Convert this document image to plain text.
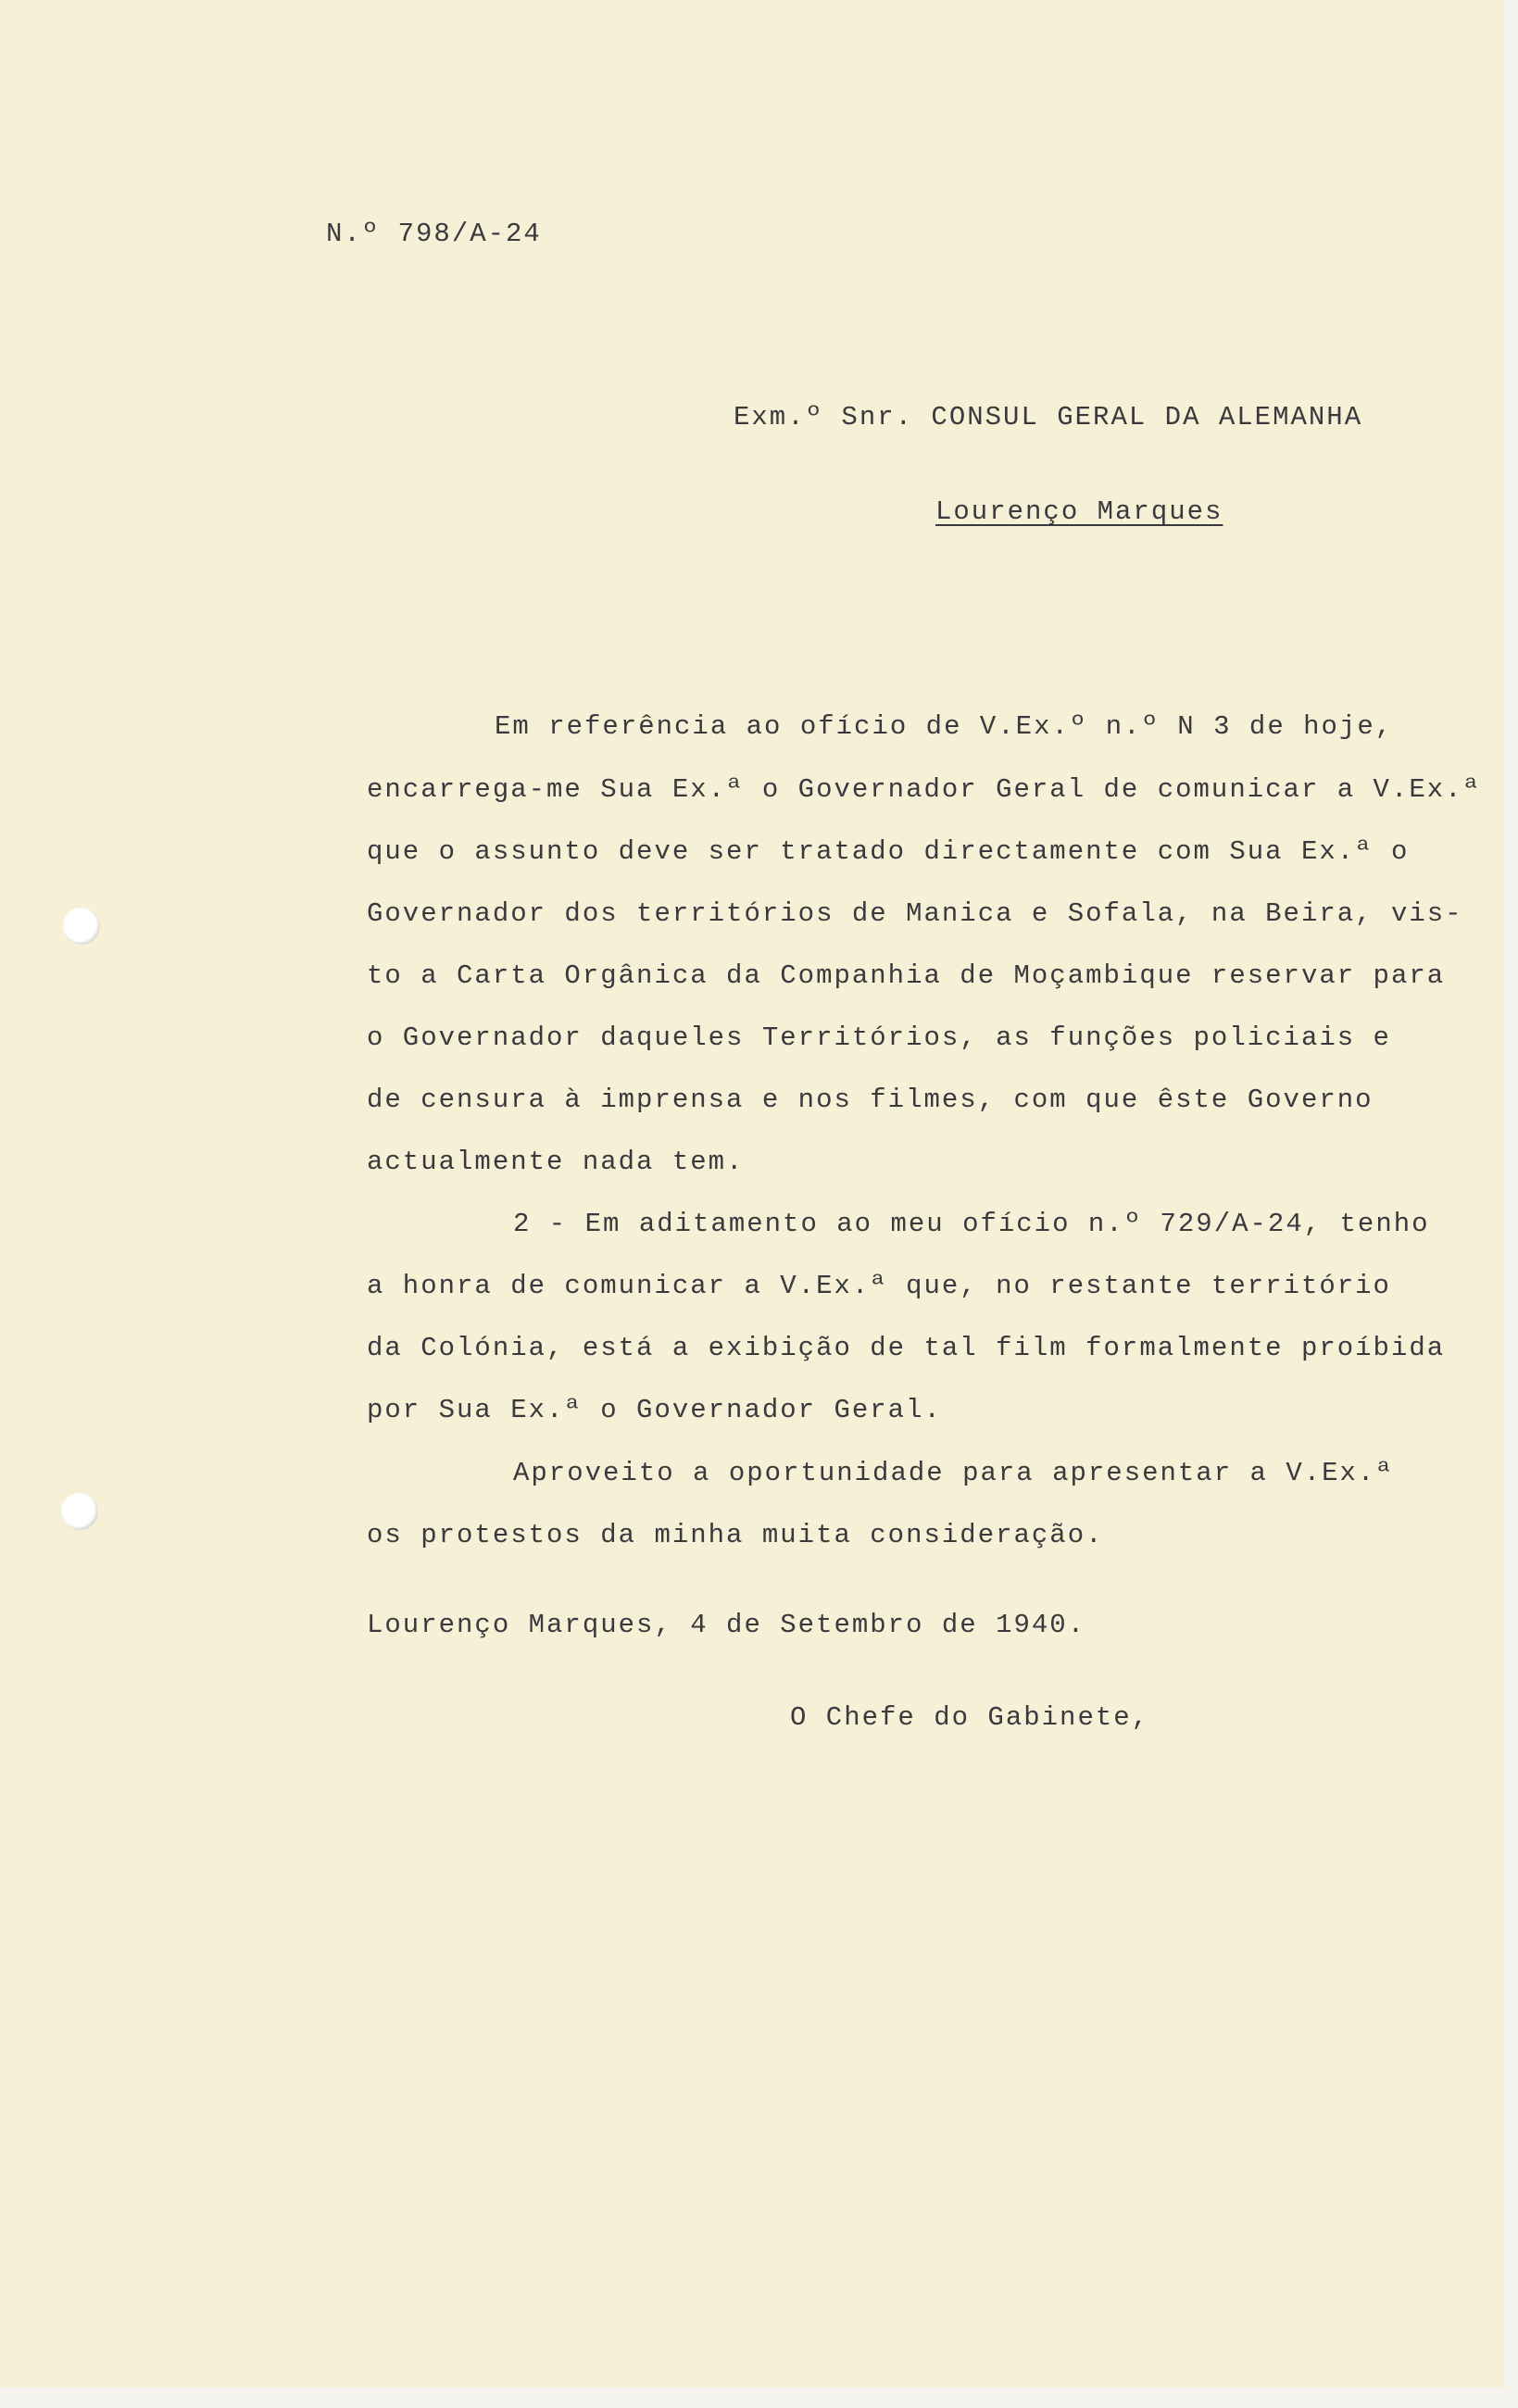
N.º 798/A-24
Exm.º Snr. CONSUL GERAL DA ALEMANHA
Lourenço Marques
Em referência ao ofício de V.Ex.º n.º N 3 de hoje,
encarrega-me Sua Ex.ª o Governador Geral de comunicar a V.Ex.ª
que o assunto deve ser tratado directamente com Sua Ex.ª o
Governador dos territórios de Manica e Sofala, na Beira, vis-
to a Carta Orgânica da Companhia de Moçambique reservar para
o Governador daqueles Territórios, as funções policiais e
de censura à imprensa e nos filmes, com que êste Governo
actualmente nada tem.
2 - Em aditamento ao meu ofício n.º 729/A-24, tenho
a honra de comunicar a V.Ex.ª que, no restante território
da Colónia, está a exibição de tal film formalmente proíbida
por Sua Ex.ª o Governador Geral.
Aproveito a oportunidade para apresentar a V.Ex.ª
os protestos da minha muita consideração.
Lourenço Marques, 4 de Setembro de 1940.
O Chefe do Gabinete,
